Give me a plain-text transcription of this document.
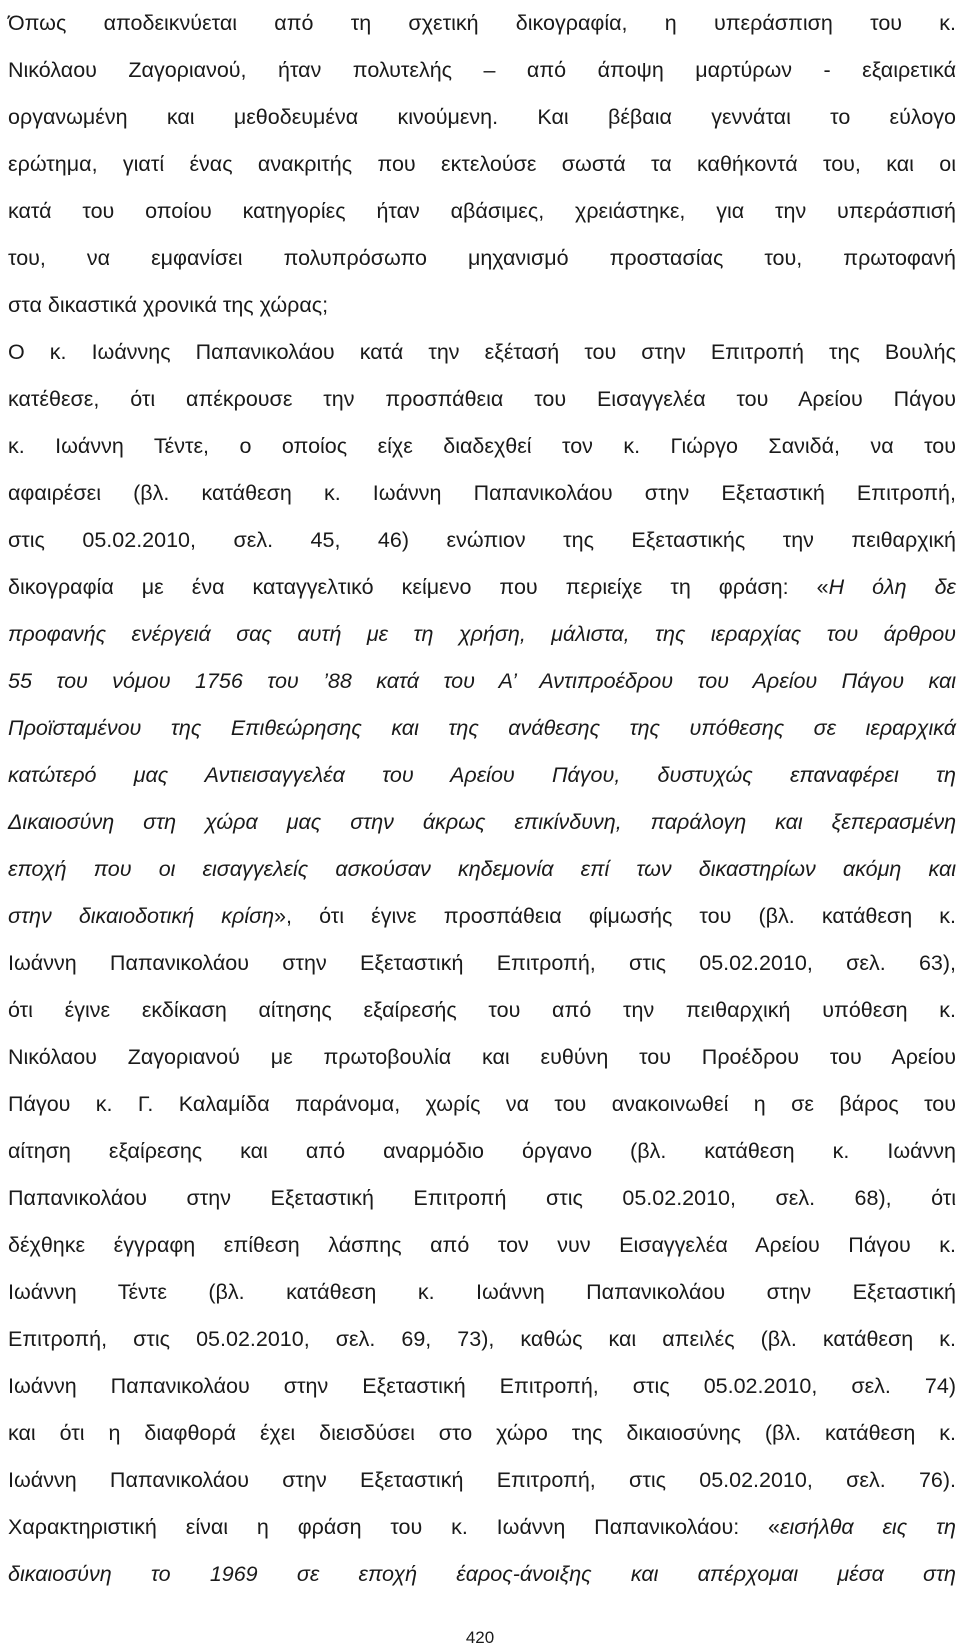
Όπως αποδεικνύεται από τη σχετική δικογραφία, η υπεράσπιση του κ.
Νικόλαου Ζαγοριανού, ήταν πολυτελής – από άποψη μαρτύρων - εξαιρετικά
οργανωμένη και μεθοδευμένα κινούμενη. Και βέβαια γεννάται το εύλογο
ερώτημα, γιατί ένας ανακριτής που εκτελούσε σωστά τα καθήκοντά του, και οι
κατά του οποίου κατηγορίες ήταν αβάσιμες, χρειάστηκε, για την υπεράσπισή
του, να εμφανίσει πολυπρόσωπο μηχανισμό προστασίας του, πρωτοφανή
στα δικαστικά χρονικά της χώρας;

Ο κ. Ιωάννης Παπανικολάου κατά την εξέτασή του στην Επιτροπή της Βουλής
κατέθεσε, ότι απέκρουσε την προσπάθεια του Εισαγγελέα του Αρείου Πάγου
κ. Ιωάννη Τέντε, ο οποίος είχε διαδεχθεί τον κ. Γιώργο Σανιδά, να του
αφαιρέσει (βλ. κατάθεση κ. Ιωάννη Παπανικολάου στην Εξεταστική Επιτροπή,
στις 05.02.2010, σελ. 45, 46) ενώπιον της Εξεταστικής την πειθαρχική
δικογραφία με ένα καταγγελτικό κείμενο που περιείχε τη φράση: «Η όλη δε
προφανής ενέργειά σας αυτή με τη χρήση, μάλιστα, της ιεραρχίας του άρθρου
55 του νόμου 1756 του ’88 κατά του Α’ Αντιπροέδρου του Αρείου Πάγου και
Προϊσταμένου της Επιθεώρησης και της ανάθεσης της υπόθεσης σε ιεραρχικά
κατώτερό μας Αντιεισαγγελέα του Αρείου Πάγου, δυστυχώς επαναφέρει τη
Δικαιοσύνη στη χώρα μας στην άκρως επικίνδυνη, παράλογη και ξεπερασμένη
εποχή που οι εισαγγελείς ασκούσαν κηδεμονία επί των δικαστηρίων ακόμη και
στην δικαιοδοτική κρίση», ότι έγινε προσπάθεια φίμωσής του (βλ. κατάθεση κ.
Ιωάννη Παπανικολάου στην Εξεταστική Επιτροπή, στις 05.02.2010, σελ. 63),
ότι έγινε εκδίκαση αίτησης εξαίρεσής του από την πειθαρχική υπόθεση κ.
Νικόλαου Ζαγοριανού με πρωτοβουλία και ευθύνη του Προέδρου του Αρείου
Πάγου κ. Γ. Καλαμίδα παράνομα, χωρίς να του ανακοινωθεί η σε βάρος του
αίτηση εξαίρεσης και από αναρμόδιο όργανο (βλ. κατάθεση κ. Ιωάννη
Παπανικολάου στην Εξεταστική Επιτροπή στις 05.02.2010, σελ. 68), ότι
δέχθηκε έγγραφη επίθεση λάσπης από τον νυν Εισαγγελέα Αρείου Πάγου κ.
Ιωάννη Τέντε (βλ. κατάθεση κ. Ιωάννη Παπανικολάου στην Εξεταστική
Επιτροπή, στις 05.02.2010, σελ. 69, 73), καθώς και απειλές (βλ. κατάθεση κ.
Ιωάννη Παπανικολάου στην Εξεταστική Επιτροπή, στις 05.02.2010, σελ. 74)
και ότι η διαφθορά έχει διεισδύσει στο χώρο της δικαιοσύνης (βλ. κατάθεση κ.
Ιωάννη Παπανικολάου στην Εξεταστική Επιτροπή, στις 05.02.2010, σελ. 76).
Χαρακτηριστική είναι η φράση του κ. Ιωάννη Παπανικολάου: «εισήλθα εις τη
δικαιοσύνη το 1969 σε εποχή έαρος-άνοιξης και απέρχομαι μέσα στη

420
